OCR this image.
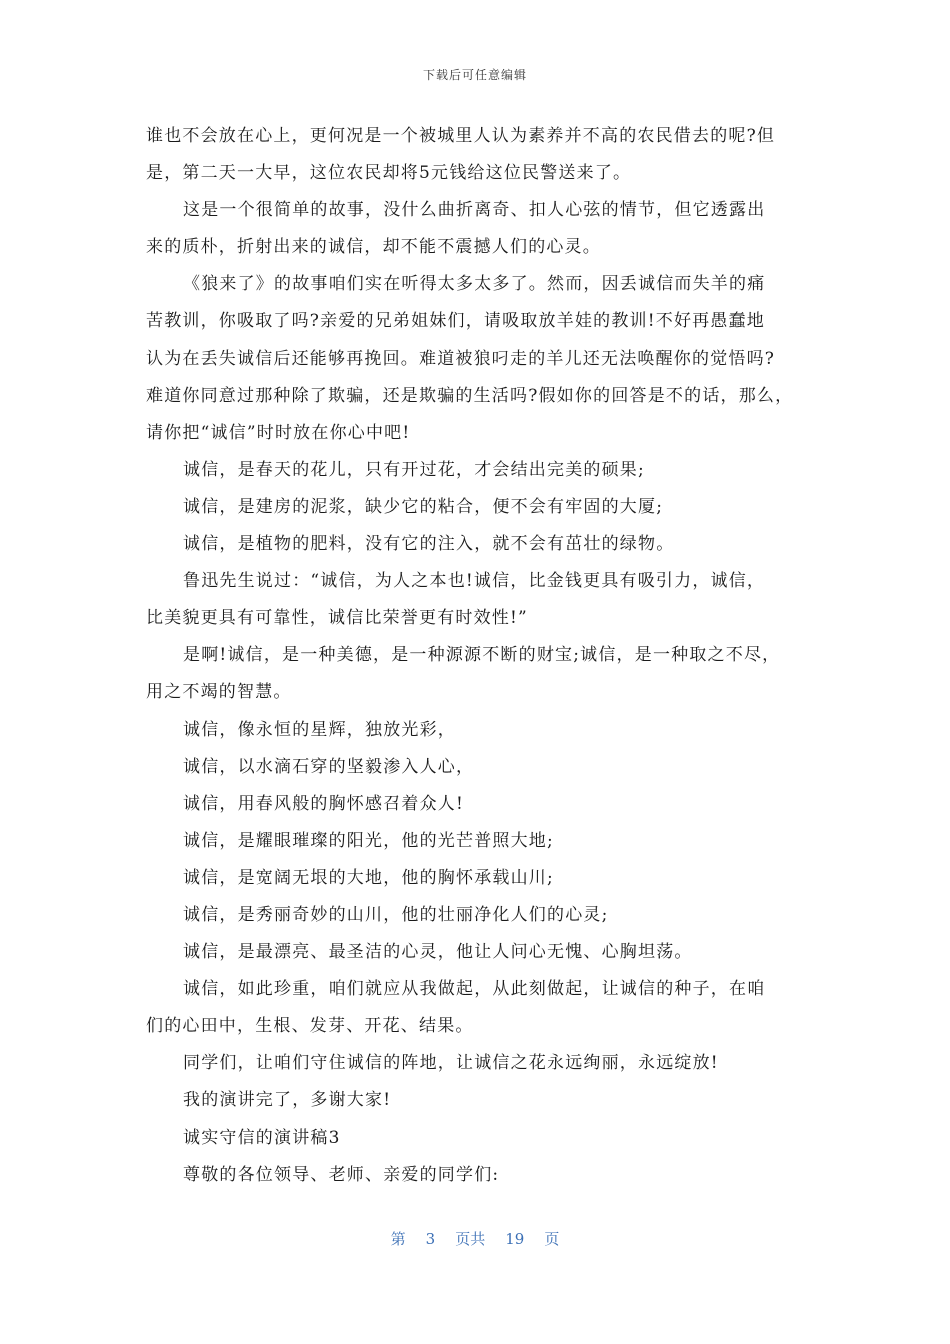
下载后可任意编辑
谁也不会放在心上，更何况是一个被城里人认为素养并不高的农民借去的呢?但
是，第二天一大早，这位农民却将5元钱给这位民警送来了。
这是一个很简单的故事，没什么曲折离奇、扣人心弦的情节，但它透露出
来的质朴，折射出来的诚信，却不能不震撼人们的心灵。
《狼来了》的故事咱们实在听得太多太多了。然而，因丢诚信而失羊的痛
苦教训，你吸取了吗?亲爱的兄弟姐妹们，请吸取放羊娃的教训!不好再愚蠢地
认为在丢失诚信后还能够再挽回。难道被狼叼走的羊儿还无法唤醒你的觉悟吗?
难道你同意过那种除了欺骗，还是欺骗的生活吗?假如你的回答是不的话，那么，
请你把“诚信”时时放在你心中吧!
诚信，是春天的花儿，只有开过花，才会结出完美的硕果;
诚信，是建房的泥浆，缺少它的粘合，便不会有牢固的大厦;
诚信，是植物的肥料，没有它的注入，就不会有茁壮的绿物。
鲁迅先生说过：“诚信，为人之本也!诚信，比金钱更具有吸引力，诚信，
比美貌更具有可靠性，诚信比荣誉更有时效性!”
是啊!诚信，是一种美德，是一种源源不断的财宝;诚信，是一种取之不尽，
用之不竭的智慧。
诚信，像永恒的星辉，独放光彩，
诚信，以水滴石穿的坚毅渗入人心，
诚信，用春风般的胸怀感召着众人!
诚信，是耀眼璀璨的阳光，他的光芒普照大地;
诚信，是宽阔无垠的大地，他的胸怀承载山川;
诚信，是秀丽奇妙的山川，他的壮丽净化人们的心灵;
诚信，是最漂亮、最圣洁的心灵，他让人问心无愧、心胸坦荡。
诚信，如此珍重，咱们就应从我做起，从此刻做起，让诚信的种子，在咱
们的心田中，生根、发芽、开花、结果。
同学们，让咱们守住诚信的阵地，让诚信之花永远绚丽，永远绽放!
我的演讲完了，多谢大家!
诚实守信的演讲稿3
尊敬的各位领导、老师、亲爱的同学们:
第 3 页共 19 页
